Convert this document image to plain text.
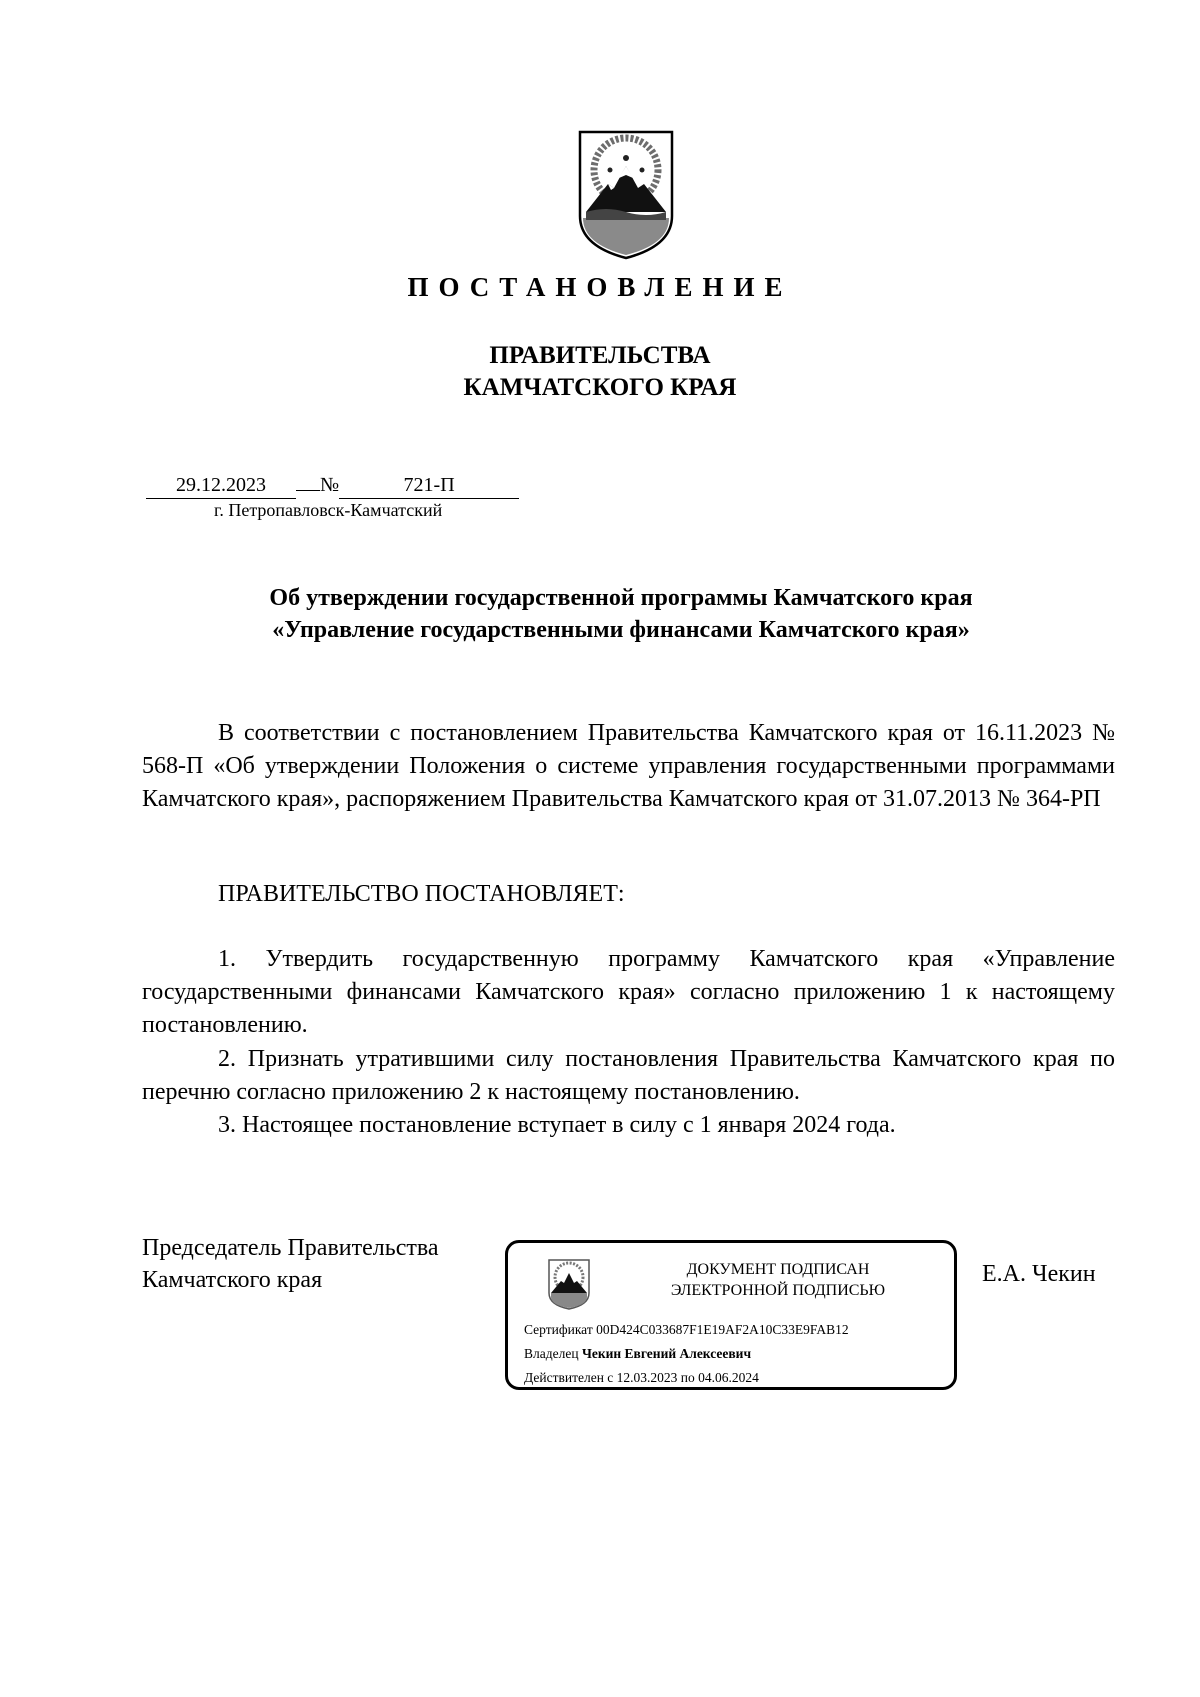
ПОСТАНОВЛЕНИЕ
ПРАВИТЕЛЬСТВА
КАМЧАТСКОГО КРАЯ
29.12.2023	№	721-П
г. Петропавловск-Камчатский
Об утверждении государственной программы Камчатского края
«Управление государственными финансами Камчатского края»

В соответствии с постановлением Правительства Камчатского края от 16.11.2023 № 568-П «Об утверждении Положения о системе управления государственными программами Камчатского края», распоряжением Правительства Камчатского края от 31.07.2013 № 364-РП

ПРАВИТЕЛЬСТВО ПОСТАНОВЛЯЕТ:

1. Утвердить государственную программу Камчатского края «Управление государственными финансами Камчатского края» согласно приложению 1 к настоящему постановлению.

2. Признать утратившими силу постановления Правительства Камчатского края по перечню согласно приложению 2 к настоящему постановлению.

3. Настоящее постановление вступает в силу с 1 января 2024 года.

Председатель Правительства
Камчатского края	ДОКУМЕНТ ПОДПИСАН
ЭЛЕКТРОННОЙ ПОДПИСЬЮ
Сертификат 00D424C033687F1E19AF2A10C33E9FAB12
Владелец Чекин Евгений Алексеевич
Действителен с 12.03.2023 по 04.06.2024
Е.А. Чекин
